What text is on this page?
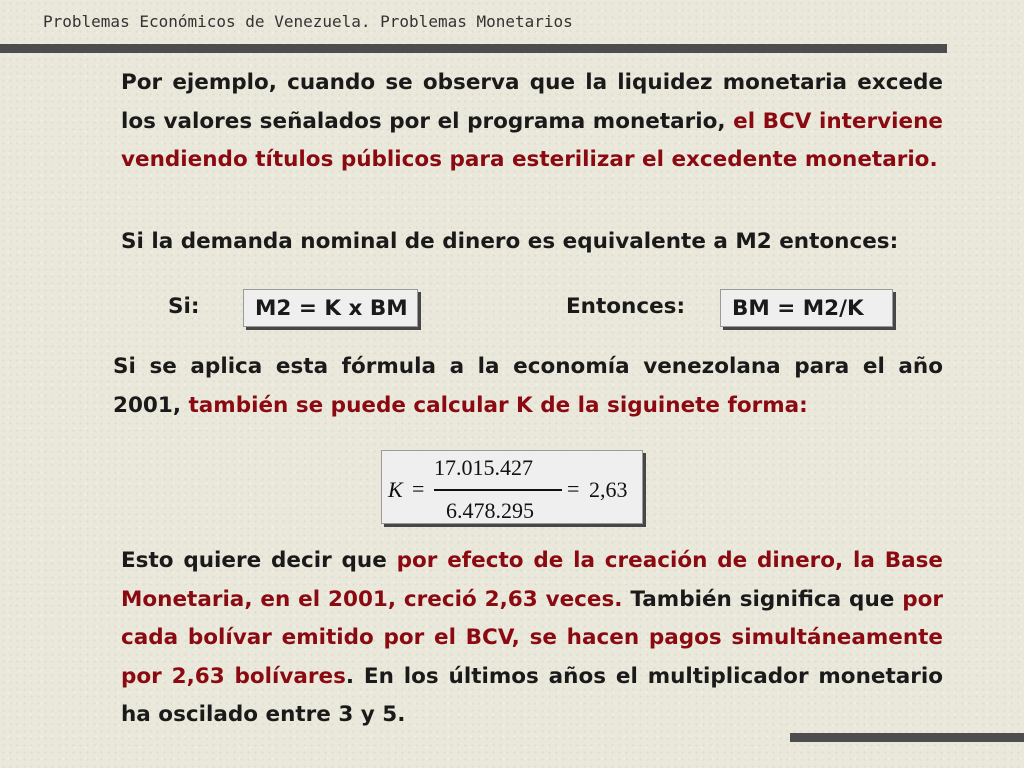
Problemas Económicos de Venezuela. Problemas Monetarios
Por ejemplo, cuando se observa que la liquidez monetaria excede los valores señalados por el programa monetario, el BCV interviene vendiendo títulos públicos para esterilizar el excedente monetario.
Si la demanda nominal de dinero es equivalente a M2 entonces:
Si:	M2 = K x BM	Entonces:	BM = M2/K
Si se aplica esta fórmula a la economía venezolana para el año 2001, también se puede calcular K de la siguinete forma:
K =
17.015.427
6.478.295
= 2,63
Esto quiere decir que por efecto de la creación de dinero, la Base Monetaria, en el 2001, creció 2,63 veces. También significa que por cada bolívar emitido por el BCV, se hacen pagos simultáneamente por 2,63 bolívares. En los últimos años el multiplicador monetario ha oscilado entre 3 y 5.
